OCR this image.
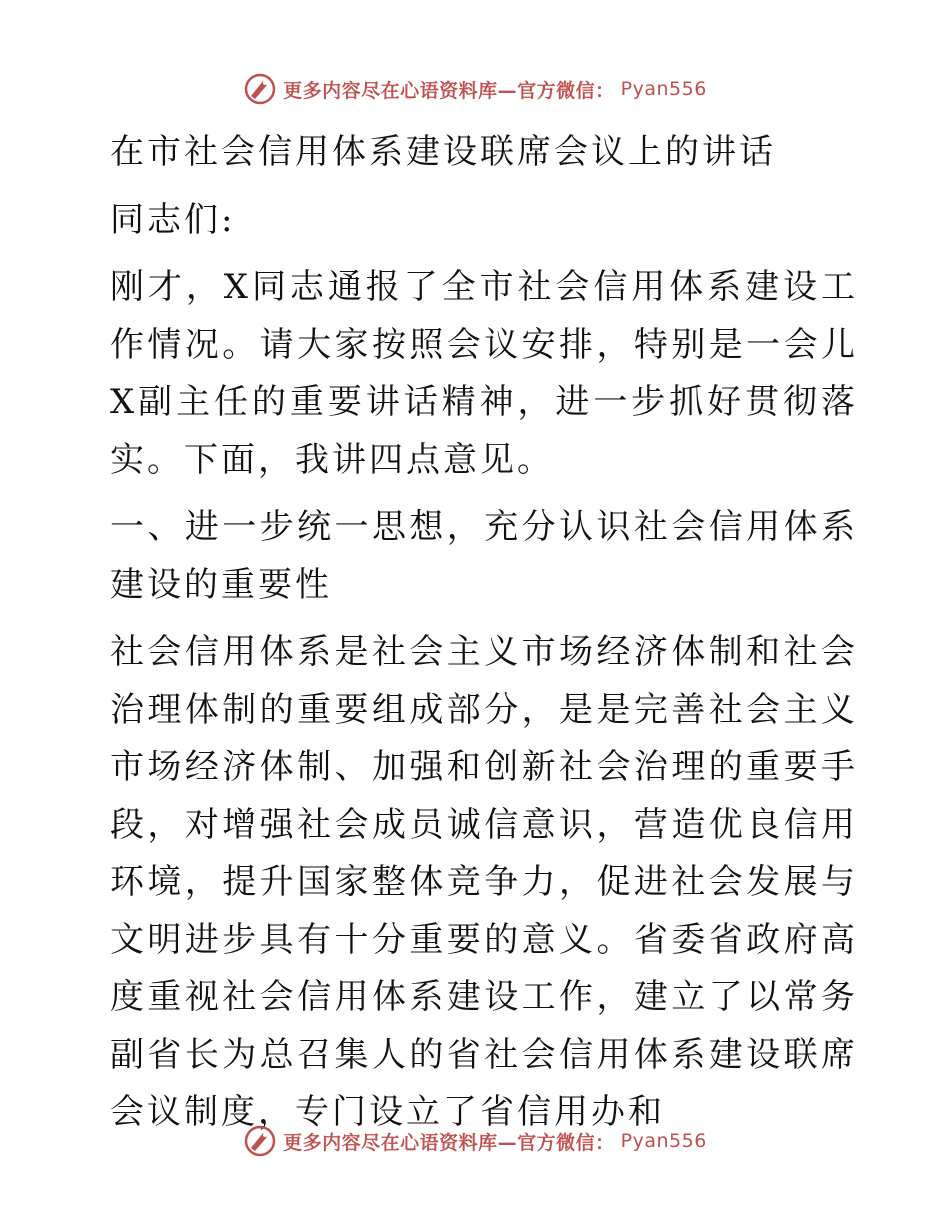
更多内容尽在心语资料库—官方微信： Pyan556

在市社会信用体系建设联席会议上的讲话

同志们:

刚才，X同志通报了全市社会信用体系建设工作情况。请大家按照会议安排，特别是一会儿X副主任的重要讲话精神，进一步抓好贯彻落实。下面，我讲四点意见。

一、进一步统一思想，充分认识社会信用体系建设的重要性

社会信用体系是社会主义市场经济体制和社会治理体制的重要组成部分，是是完善社会主义市场经济体制、加强和创新社会治理的重要手段，对增强社会成员诚信意识，营造优良信用环境，提升国家整体竞争力，促进社会发展与文明进步具有十分重要的意义。省委省政府高度重视社会信用体系建设工作，建立了以常务副省长为总召集人的省社会信用体系建设联席会议制度，专门设立了省信用办和

更多内容尽在心语资料库—官方微信： Pyan556
